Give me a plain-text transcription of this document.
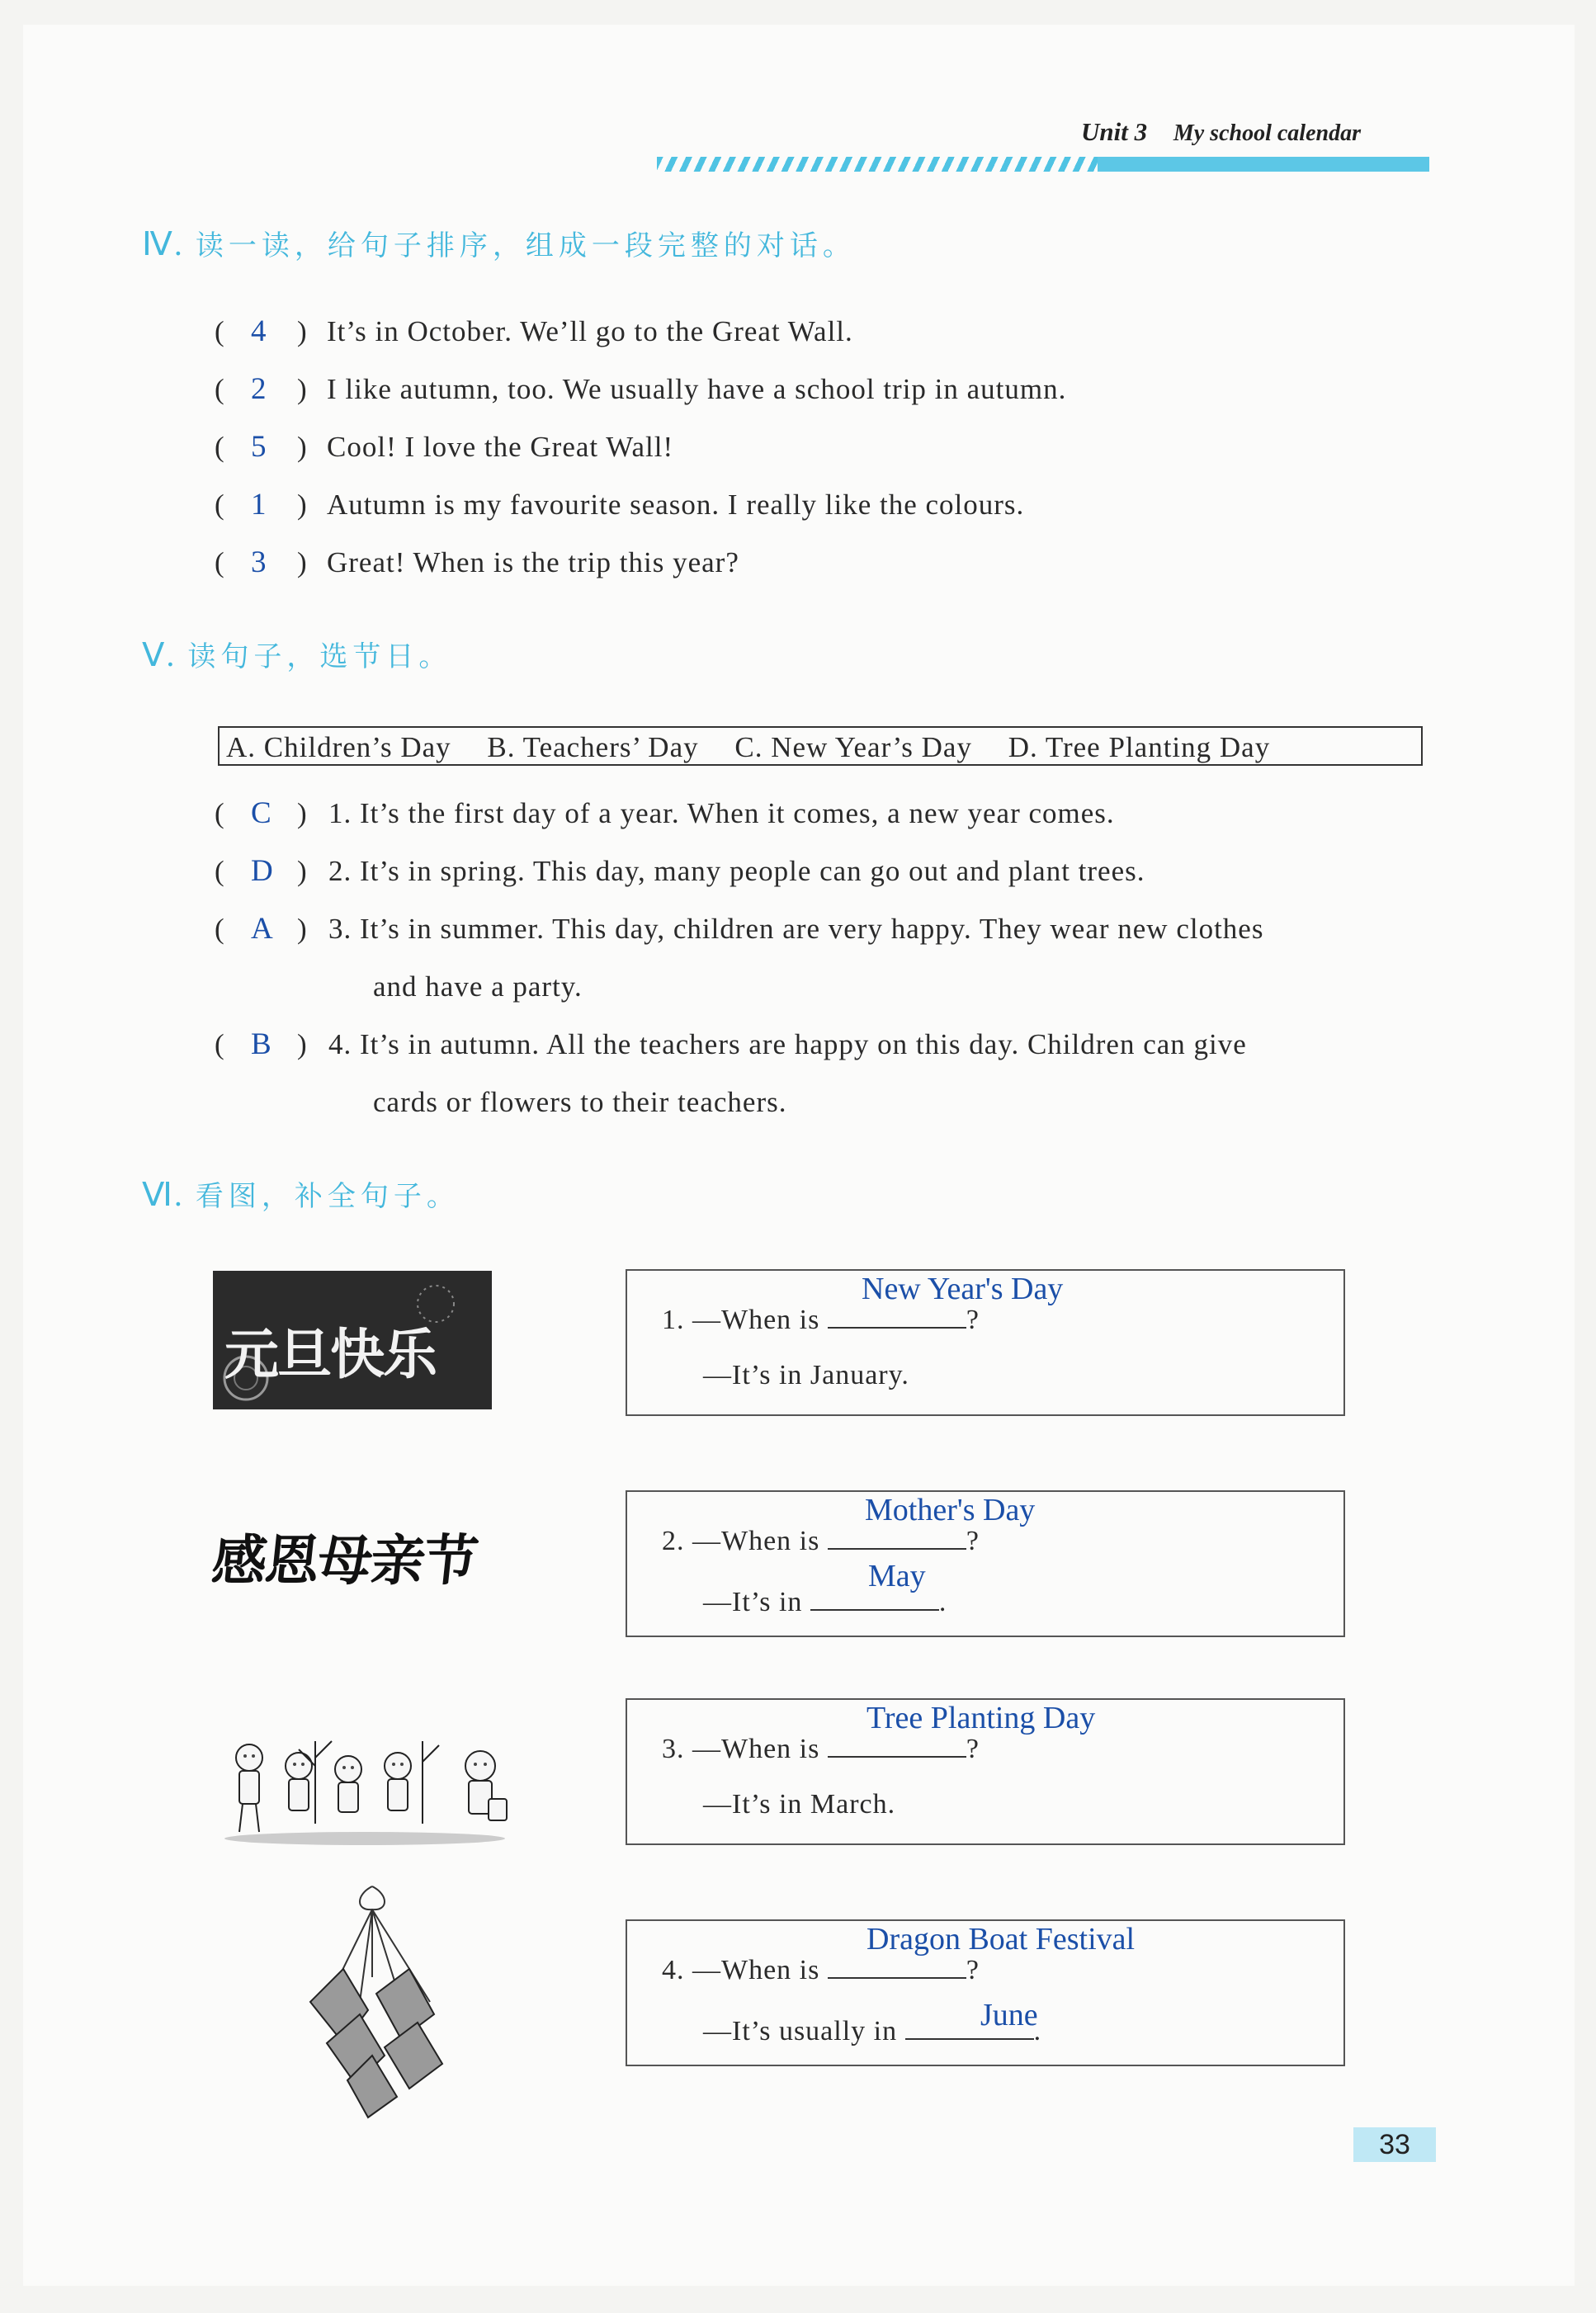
Unit 3 My school calendar
Ⅳ. 读一读，给句子排序，组成一段完整的对话。
( 4 ) It’s in October. We’ll go to the Great Wall.
( 2 ) I like autumn, too. We usually have a school trip in autumn.
( 5 ) Cool! I love the Great Wall!
( 1 ) Autumn is my favourite season. I really like the colours.
( 3 ) Great! When is the trip this year?
Ⅴ. 读句子，选节日。
A. Children’s Day B. Teachers’ Day C. New Year’s Day D. Tree Planting Day
( C ) 1. It’s the first day of a year. When it comes, a new year comes.
( D ) 2. It’s in spring. This day, many people can go out and plant trees.
( A ) 3. It’s in summer. This day, children are very happy. They wear new clothes
and have a party.
( B ) 4. It’s in autumn. All the teachers are happy on this day. Children can give
cards or flowers to their teachers.
Ⅵ. 看图，补全句子。
元旦快乐
感恩母亲节
1. —When is	?
—It’s in January.
New Year's Day
2. —When is	?
—It’s in	.
Mother's Day
May
3. —When is	?
—It’s in March.
Tree Planting Day
4. —When is	?
—It’s usually in	.
Dragon Boat Festival
June
33
